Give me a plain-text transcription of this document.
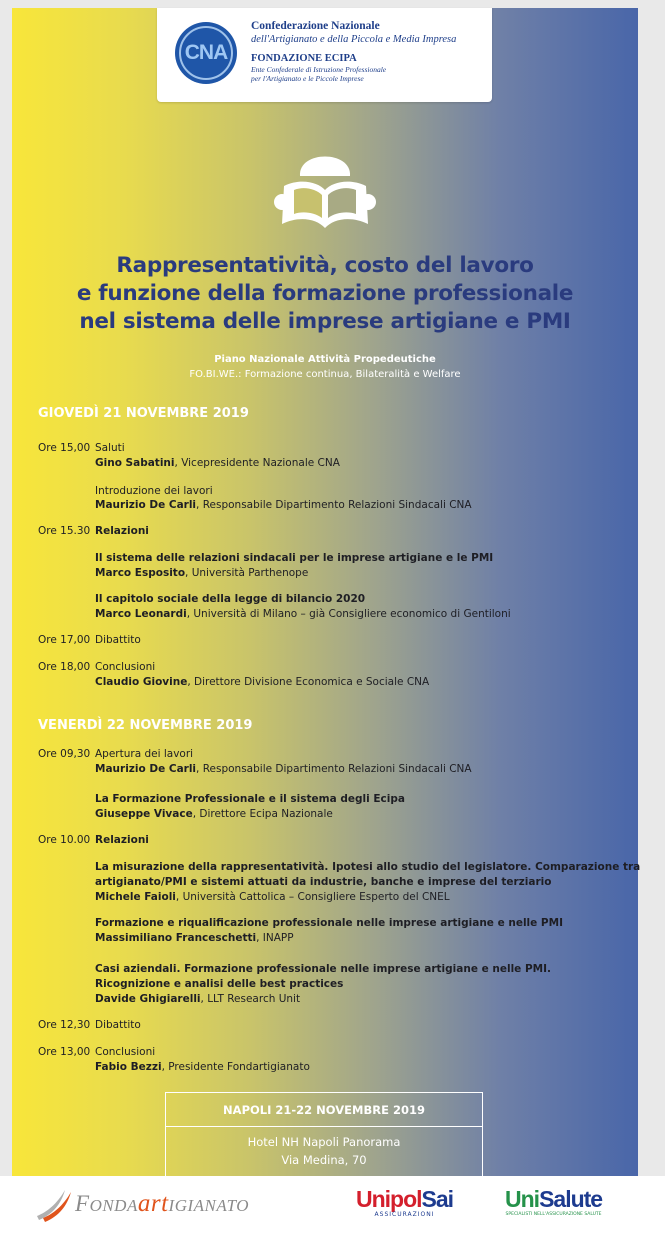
CNA
Confederazione Nazionale
dell'Artigianato e della Piccola e Media Impresa
FONDAZIONE ECIPA
Ente Confederale di Istruzione Professionale
per l'Artigianato e le Piccole Imprese
Rappresentatività, costo del lavoro
e funzione della formazione professionale
nel sistema delle imprese artigiane e PMI
Piano Nazionale Attività Propedeutiche
FO.BI.WE.: Formazione continua, Bilateralità e Welfare
GIOVEDÌ 21 NOVEMBRE 2019
Ore 15,00 Saluti
Gino Sabatini, Vicepresidente Nazionale CNA
Introduzione dei lavori
Maurizio De Carli, Responsabile Dipartimento Relazioni Sindacali CNA
Ore 15.30 Relazioni
Il sistema delle relazioni sindacali per le imprese artigiane e le PMI
Marco Esposito, Università Parthenope
Il capitolo sociale della legge di bilancio 2020
Marco Leonardi, Università di Milano – già Consigliere economico di Gentiloni
Ore 17,00 Dibattito
Ore 18,00 Conclusioni
Claudio Giovine, Direttore Divisione Economica e Sociale CNA
VENERDÌ 22 NOVEMBRE 2019
Ore 09,30 Apertura dei lavori
Maurizio De Carli, Responsabile Dipartimento Relazioni Sindacali CNA
La Formazione Professionale e il sistema degli Ecipa
Giuseppe Vivace, Direttore Ecipa Nazionale
Ore 10.00 Relazioni
La misurazione della rappresentatività. Ipotesi allo studio del legislatore. Comparazione tra
artigianato/PMI e sistemi attuati da industrie, banche e imprese del terziario
Michele Faioli, Università Cattolica – Consigliere Esperto del CNEL
Formazione e riqualificazione professionale nelle imprese artigiane e nelle PMI
Massimiliano Franceschetti, INAPP
Casi aziendali. Formazione professionale nelle imprese artigiane e nelle PMI.
Ricognizione e analisi delle best practices
Davide Ghigiarelli, LLT Research Unit
Ore 12,30 Dibattito
Ore 13,00 Conclusioni
Fabio Bezzi, Presidente Fondartigianato
NAPOLI 21-22 NOVEMBRE 2019
Hotel NH Napoli Panorama
Via Medina, 70
FONDAartIGIANATO	UnipolSai
ASSICURAZIONI
UniSalute
SPECIALISTI NELL'ASSICURAZIONE SALUTE
